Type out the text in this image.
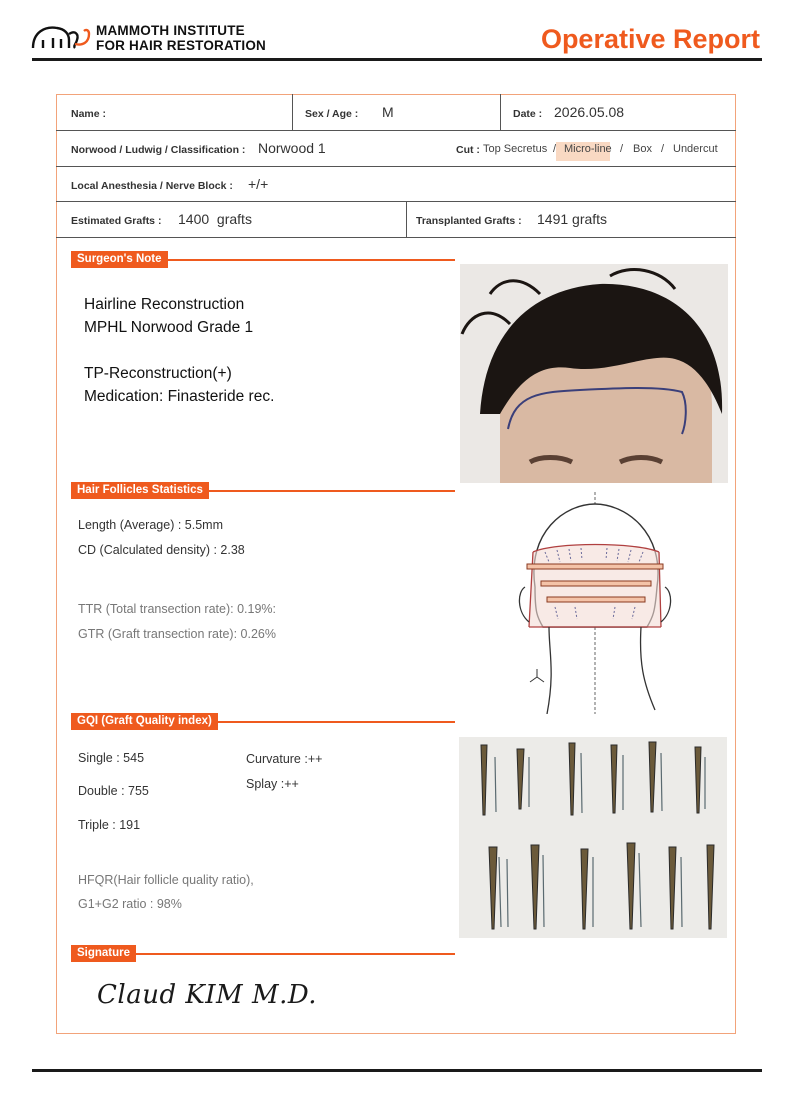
MAMMOTH INSTITUTE
FOR HAIR RESTORATION	Operative Report
Name :	Sex / Age : M	Date : 2026.05.08
Norwood / Ludwig / Classification : Norwood 1	Cut : Top Secretus / Micro-line / Box / Undercut
Local Anesthesia / Nerve Block : +/+
Estimated Grafts : 1400  grafts	Transplanted Grafts : 1491 grafts
Surgeon's Note
Hairline Reconstruction
MPHL Norwood Grade 1
TP-Reconstruction(+)
Medication: Finasteride rec.
Hair Follicles Statistics
Length (Average) : 5.5mm
CD (Calculated density) : 2.38
TTR (Total transection rate): 0.19%:
GTR (Graft transection rate): 0.26%
GQI (Graft Quality index)
Single : 545
Double : 755
Triple : 191
Curvature :++
Splay :++
HFQR(Hair follicle quality ratio),
G1+G2 ratio : 98%
Signature
Claud KIM M.D.
